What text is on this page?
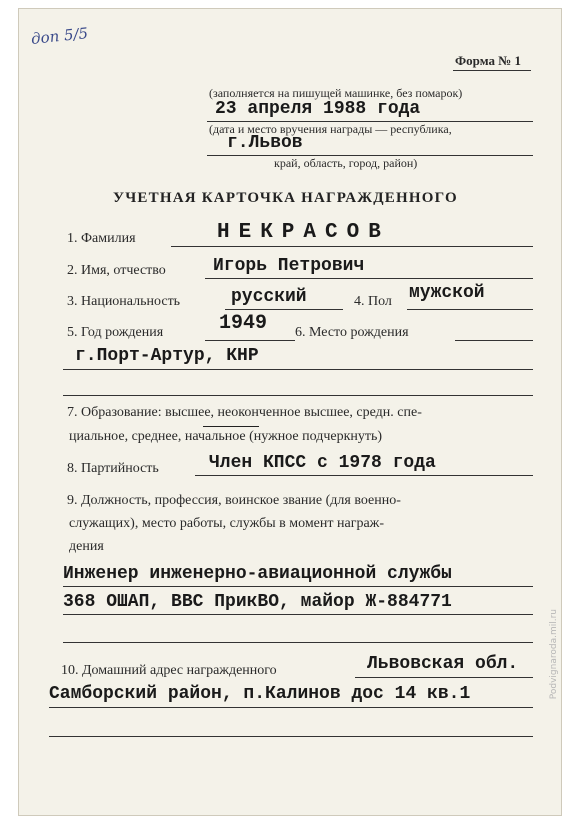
доп 5/5
Форма № 1
(заполняется на пишущей машинке, без помарок)
23 апреля 1988 года
(дата и место вручения награды — республика,
г.Львов
край, область, город, район)
УЧЕТНАЯ КАРТОЧКА НАГРАЖДЕННОГО
1. Фамилия	НЕКРАСОВ
2. Имя, отчество	Игорь Петрович
3. Национальность	русский	4. Пол мужской
5. Год рождения	1949 6. Место рождения
г.Порт-Артур, КНР
7. Образование: высшее, неоконченное высшее, средн. спе-
циальное, среднее, начальное (нужное подчеркнуть)
8. Партийность	Член КПСС с 1978 года
9. Должность, профессия, воинское звание (для военно-
служащих), место работы, службы в момент награж-
дения
Инженер инженерно-авиационной службы
368 ОШАП, ВВС ПрикВО, майор Ж-884771
10. Домашний адрес награжденного	Львовская обл.
Самборский район, п.Калинов дос 14 кв.1	Podvignaroda.mil.ru
